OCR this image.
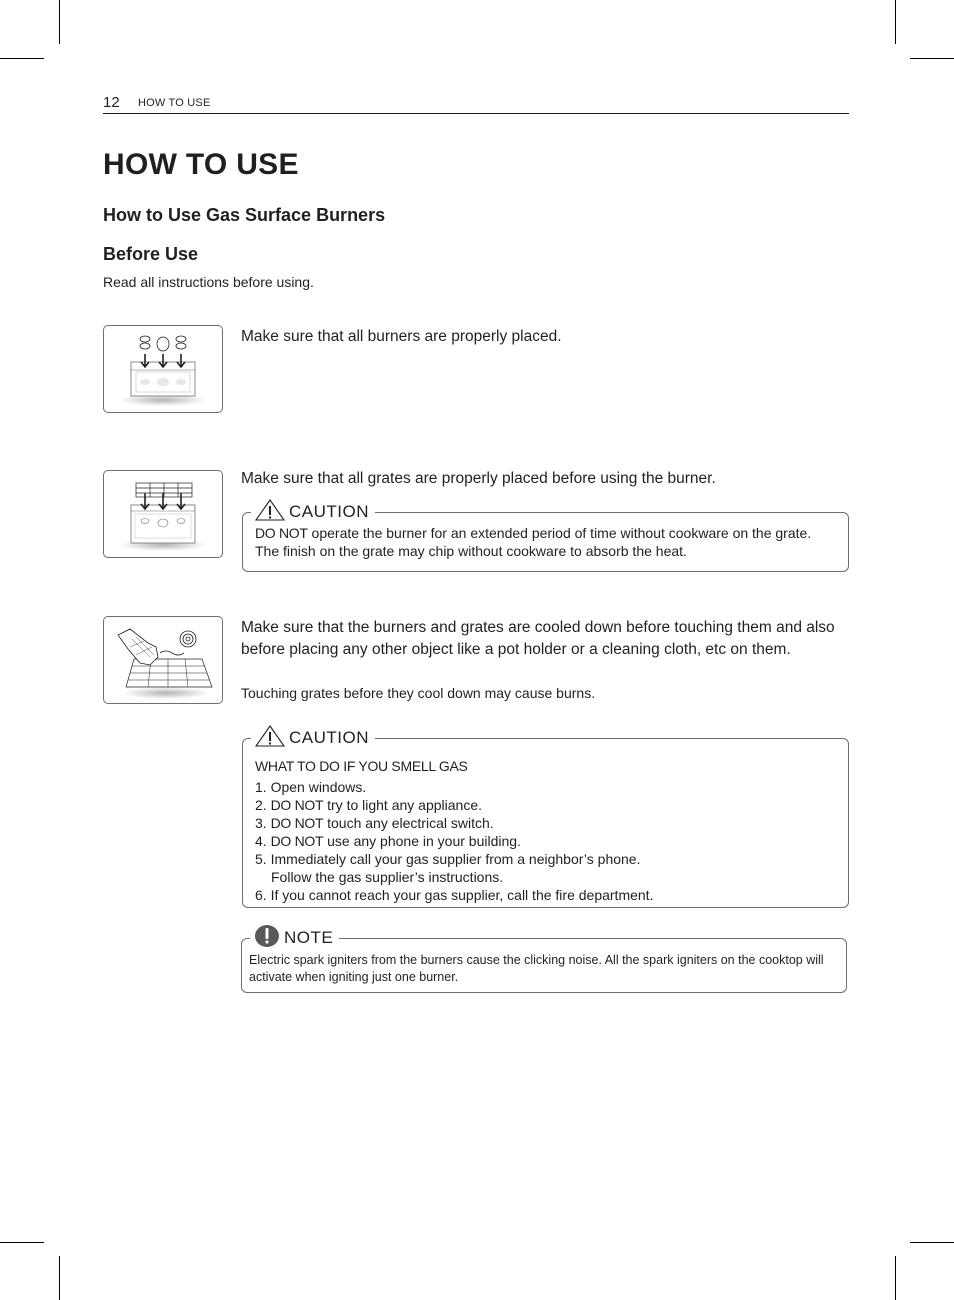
12 HOW TO USE
HOW TO USE
How to Use Gas Surface Burners
Before Use
Read all instructions before using.
Make sure that all burners are properly placed.
Make sure that all grates are properly placed before using the burner.
CAUTION
DO NOT operate the burner for an extended period of time without cookware on the grate. The finish on the grate may chip without cookware to absorb the heat.
Make sure that the burners and grates are cooled down before touching them and also before placing any other object like a pot holder or a cleaning cloth, etc on them.
Touching grates before they cool down may cause burns.
CAUTION
WHAT TO DO IF YOU SMELL GAS
1. Open windows.
2. DO NOT try to light any appliance.
3. DO NOT touch any electrical switch.
4. DO NOT use any phone in your building.
5. Immediately call your gas supplier from a neighbor’s phone.
Follow the gas supplier’s instructions.
6. If you cannot reach your gas supplier, call the fire department.
NOTE
Electric spark igniters from the burners cause the clicking noise. All the spark igniters on the cooktop will activate when igniting just one burner.
